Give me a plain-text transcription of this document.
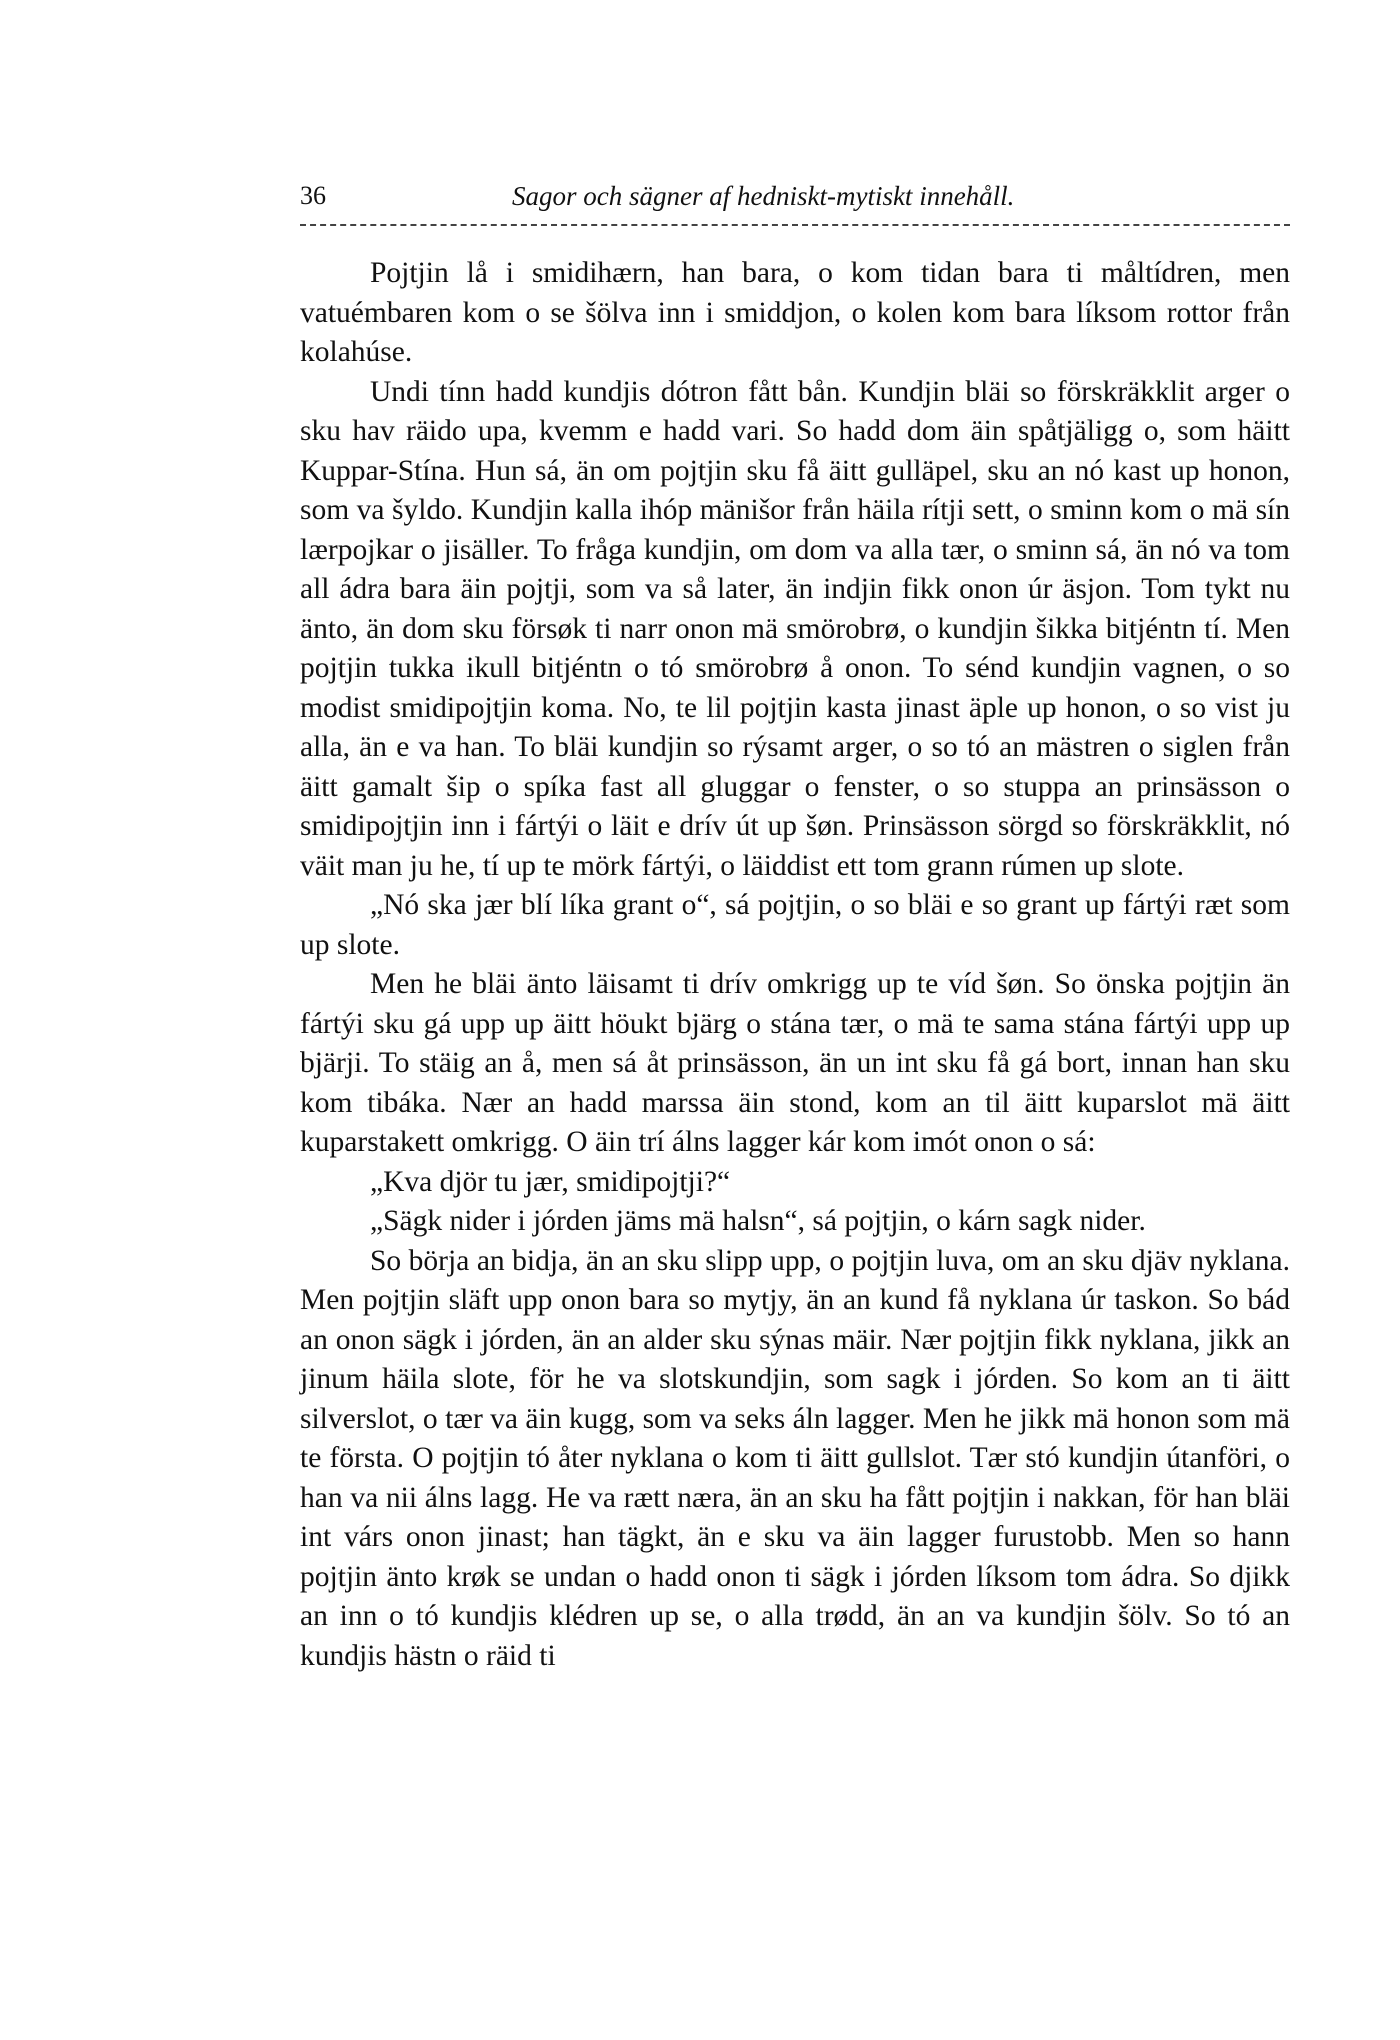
36	Sagor och sägner af hedniskt-mytiskt innehåll.

Pojtjin lå i smidihærn, han bara, o kom tidan bara ti måltídren, men vatuémbaren kom o se šölva inn i smiddjon, o kolen kom bara líksom rottor från kolahúse.

Undi tínn hadd kundjis dótron fått bån. Kundjin bläi so förskräkklit arger o sku hav räido upa, kvemm e hadd vari. So hadd dom äin spåtjäligg o, som häitt Kuppar-Stína. Hun sá, än om pojtjin sku få äitt gulläpel, sku an nó kast up honon, som va šyldo. Kundjin kalla ihóp mänišor från häila rítji sett, o sminn kom o mä sín lærpojkar o jisäller. To fråga kundjin, om dom va alla tær, o sminn sá, än nó va tom all ádra bara äin pojtji, som va så later, än indjin fikk onon úr äsjon. Tom tykt nu änto, än dom sku försøk ti narr onon mä smörobrø, o kundjin šikka bitjéntn tí. Men pojtjin tukka ikull bitjéntn o tó smörobrø å onon. To sénd kundjin vagnen, o so modist smidipojtjin koma. No, te lil pojtjin kasta jinast äple up honon, o so vist ju alla, än e va han. To bläi kundjin so rýsamt arger, o so tó an mästren o siglen från äitt gamalt šip o spíka fast all gluggar o fenster, o so stuppa an prinsässon o smidipojtjin inn i fártýi o läit e drív út up šøn. Prinsässon sörgd so förskräkklit, nó väit man ju he, tí up te mörk fártýi, o läiddist ett tom grann rúmen up slote.

„Nó ska jær blí líka grant o“, sá pojtjin, o so bläi e so grant up fártýi ræt som up slote.

Men he bläi änto läisamt ti drív omkrigg up te víd šøn. So önska pojtjin än fártýi sku gá upp up äitt höukt bjärg o stána tær, o mä te sama stána fártýi upp up bjärji. To stäig an å, men sá åt prinsässon, än un int sku få gá bort, innan han sku kom tibáka. Nær an hadd marssa äin stond, kom an til äitt kuparslot mä äitt kuparstakett omkrigg. O äin trí álns lagger kár kom imót onon o sá:

„Kva djör tu jær, smidipojtji?“

„Sägk nider i jórden jäms mä halsn“, sá pojtjin, o kárn sagk nider.

So börja an bidja, än an sku slipp upp, o pojtjin luva, om an sku djäv nyklana. Men pojtjin släft upp onon bara so mytjy, än an kund få nyklana úr taskon. So bád an onon sägk i jórden, än an alder sku sýnas mäir. Nær pojtjin fikk nyklana, jikk an jinum häila slote, för he va slotskundjin, som sagk i jórden. So kom an ti äitt silverslot, o tær va äin kugg, som va seks áln lagger. Men he jikk mä honon som mä te första. O pojtjin tó åter nyklana o kom ti äitt gullslot. Tær stó kundjin útanföri, o han va nii álns lagg. He va rætt næra, än an sku ha fått pojtjin i nakkan, för han bläi int várs onon jinast; han tägkt, än e sku va äin lagger furustobb. Men so hann pojtjin änto krøk se undan o hadd onon ti sägk i jórden líksom tom ádra. So djikk an inn o tó kundjis klédren up se, o alla trødd, än an va kundjin šölv. So tó an kundjis hästn o räid ti
